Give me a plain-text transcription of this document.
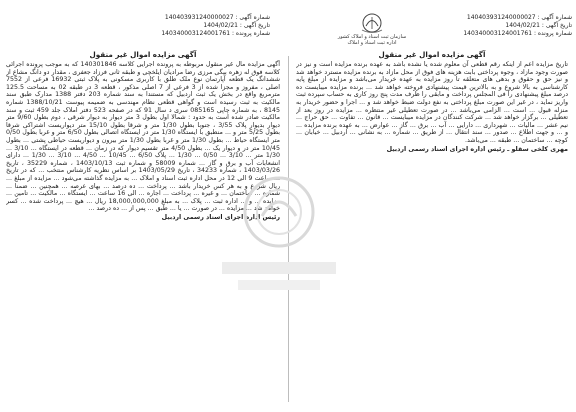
شماره آگهی : 140403931240000027
تاریخ آگهی : 1404/02/21
شماره پرونده : 140340003124001761	سازمان ثبت اسناد و املاک کشور
اداره ثبت اسناد و املاک
شماره آگهی : 140403931240000027
تاریخ آگهی : 1404/02/21
شماره پرونده : 140340003124001761
آگهی مزایده اموال غیر منقول

آگهی مزایده مال غیر منقول مربوطه به پرونده اجرایی کلاسه 140301846 که به موجب پرونده اجرائی کلاسه فوق له زهره بیگی مرزی رضا مرادیان ایلخچی و طبقه ثانی فرزاد جعفری ، مقدار دو دانگ مشاع از ششدانگ یک قطعه آپارتمان نوع ملک طلق با کاربری مسکونی به پلاک ثبتی 16932 فرعی از 7552 اصلی ، مفروز و مجزا شده از 3 فرعی از 7 اصلی مذکور ، قطعه 3 در طبقه 02 به مساحت 125.5 مترمربع واقع در بخش یک ثبت اردبیل که مستندا به سند شماره 203 دفتر 1388 مدارک طبق سند مالکیت به ثبت رسیده است و گواهی قطعی نظام مهندسی به ضمیمه پیوست 1388/10/21 شماره 8145 ، به شماره چاپی 085165 سری د سال 91 که در صفحه 523 دفتر املاک جلد 459 ثبت و سند مالکیت صادر شده است به حدود : شمالا اول بطول 3 متر دیوار به دیوار شرقی ، دوم بطول 9/60 متر دیوار بدیوار پلاک 3/55 ، جنوبا بطول 1/30 متر و شرقا بطول 15/10 متر دیواریست اشتراکی شرقا بطول 5/25 متر و ... منطبق با ایستگاه 1/30 متر در ایستگاه اتصالی بطول 6/50 متر و غربا بطول 0/50 متر ایستگاه حیاط ... بطول 1/30 متر و غربا بطول 1/30 متر بیرون و دیواریست حیاطی پشتی ... بطول 10/45 متر در و دیوار یک ... بطول 4/50 متر تقسیم دیوار که در زمان ... قطعه در ایستگاه ... 3/10 ... 1/30 متر ... 3/10 ... 0/50 ... 1/30 ... پلاک 6/50 ... 10/45 ... 4/50 ... 3/10 ... 1/30 ... دارای انشعابات آب و برق و گاز ... شماره 58009 و شماره ثبت 1403/10/13 ، شماره 35229 ، تاریخ 1403/03/26 ، شماره 34233 ، تاریخ 1403/05/29 بر اساس نظریه کارشناس منتخب ... که در تاریخ ... ساعت 9 الی 12 در محل اداره ثبت اسناد و املاک ... به مزایده گذاشته می‌شود ... مزایده از مبلغ ... ریال شروع و به هر کس خریدار باشد ... پرداخت ... ده درصد ... بهای عرصه ... همچنین ... ضمنا ... شماره ... ساختمان ... و غیره ... پرداخت ... اجاره ... الی 16 ساعت ... ایستگاه ... مالکیت ... تامین ... مزایده ... و ... اداره ثبت ... پلاک ... به مبلغ 18,000,000,000 ریال ... هیچ ... پرداخت شده ... کسر خواهد شد ... مزایده ... در صورت ... یا ... طبق ... پس از ... ده درصد ...

رئیس اداره اجرای اسناد رسمی اردبیل
آگهی مزایده اموال غیر منقول

تاریخ مزایده اعم از اینکه رقم قطعی آن معلوم شده یا نشده باشد به عهده برنده مزایده است و نیز در صورت وجود مازاد ، وجوه پرداختی بابت هزینه های فوق از محل مازاد به برنده مزایده مسترد خواهد شد و نیز حق و حقوق و بدهی های متعلقه تا روز مزایده به عهده خریدار می‌باشد و مزایده از مبلغ پایه کارشناسی به بالا شروع و به بالاترین قیمت پیشنهادی فروخته خواهد شد ... برنده مزایده میبایست ده درصد مبلغ پیشنهادی را فی المجلس پرداخت و مابقی را ظرف مدت پنج روز کاری به حساب سپرده ثبت واریز نماید ، در غیر این صورت مبلغ پرداختی به نفع دولت ضبط خواهد شد و ... اجرا و حضور خریدار به منزله قبول ... است ... الزامی می‌باشد ... در صورت تعطیلی غیر منتظره ... مزایده در روز بعد از تعطیلی ... برگزار خواهد شد ... شرکت کنندگان در مزایده میبایست ... قانون ... تفاوت ... حق حراج ... نیم عشر ... مالیات ... شهرداری ... دارایی ... آب ... برق ... گاز ... عوارض ... به عهده برنده مزایده ... و ... و جهت اطلاع ... صدور ... سند انتقال ... از طریق ... شماره ... به نشانی ... اردبیل ... خیابان ... کوچه ... ساختمان ... طبقه ... می‌باشد.

مهری کلخی سقلو ـ رئیس اداره اجرای اسناد رسمی اردبیل
